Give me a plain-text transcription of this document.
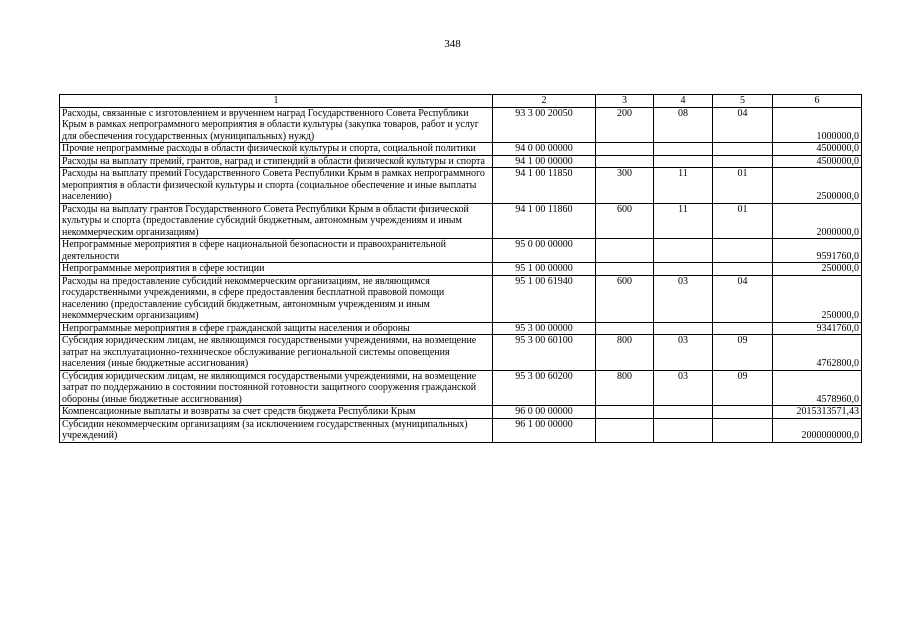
348
1	2	3	4	5	6
Расходы, связанные с изготовлением и вручением наград Государственного Совета Республики Крым в рамках непрограммного мероприятия в области культуры (закупка товаров, работ и услуг для обеспечения государственных (муниципальных) нужд)	93 3 00 20050	200	08	04	1000000,0
Прочие непрограммные расходы в области физической культуры и спорта, социальной политики	94 0 00 00000				4500000,0
Расходы на выплату премий, грантов, наград и стипендий в области физической культуры и спорта	94 1 00 00000				4500000,0
Расходы на выплату премий Государственного Совета Республики Крым в рамках непрограммного мероприятия в области физической культуры и спорта (социальное обеспечение и иные выплаты населению)	94 1 00 11850	300	11	01	2500000,0
Расходы на выплату грантов Государственного Совета Республики Крым в области физической культуры и спорта (предоставление субсидий бюджетным, автономным учреждениям и иным некоммерческим организациям)	94 1 00 11860	600	11	01	2000000,0
Непрограммные мероприятия в сфере национальной безопасности и правоохранительной деятельности	95 0 00 00000				9591760,0
Непрограммные мероприятия в сфере юстиции	95 1 00 00000				250000,0
Расходы на предоставление субсидий некоммерческим организациям, не являющимся государственными учреждениями, в сфере предоставления бесплатной правовой помощи населению (предоставление субсидий бюджетным, автономным учреждениям и иным некоммерческим организациям)	95 1 00 61940	600	03	04	250000,0
Непрограммные мероприятия в сфере гражданской защиты населения и обороны	95 3 00 00000				9341760,0
Субсидия юридическим лицам, не являющимся государствеными учреждениями, на возмещение затрат на эксплуатационно-техническое обслуживание региональной системы оповещения населения (иные бюджетные ассигнования)	95 3 00 60100	800	03	09	4762800,0
Субсидия юридическим лицам, не являющимся государствеными учреждениями, на возмещение затрат по поддержанию в состоянии постоянной готовности защитного сооружения гражданской обороны (иные бюджетные ассигнования)	95 3 00 60200	800	03	09	4578960,0
Компенсационные выплаты и возвраты за счет средств бюджета Республики Крым	96 0 00 00000				2015313571,43
Субсидии некоммерческим организациям (за исключением государственных (муниципальных) учреждений)	96 1 00 00000				2000000000,0
